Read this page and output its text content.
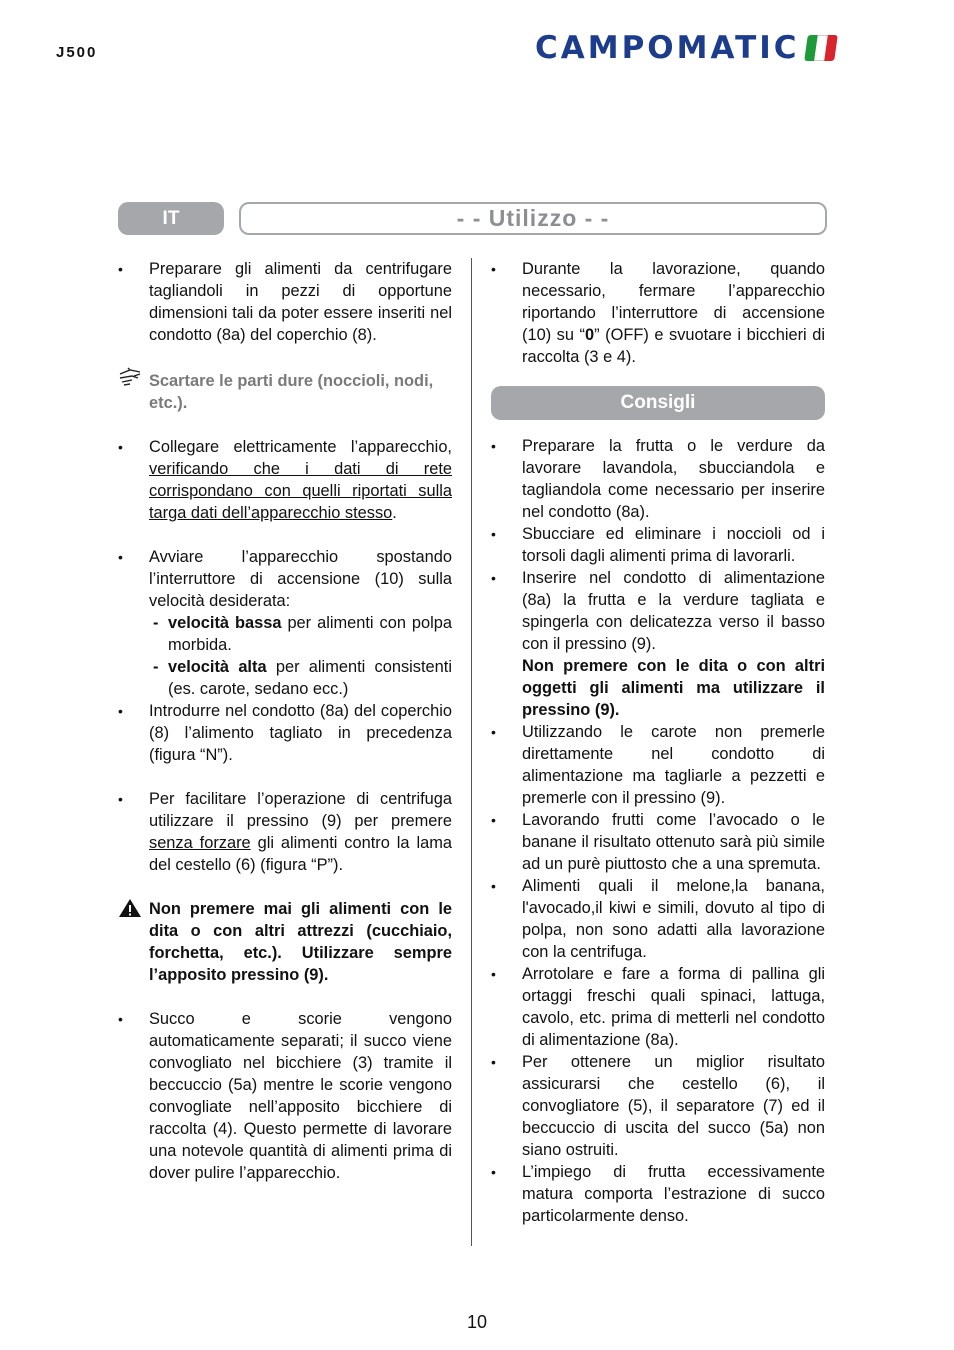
J500	CAMPOMATIC
IT	- - Utilizzo - -
•	Preparare gli alimenti da centrifugare tagliandoli in pezzi di opportune dimensioni tali da poter essere inseriti nel condotto (8a) del coperchio (8).
Scartare le parti dure (noccioli, nodi, etc.).
•	Collegare elettricamente l’apparecchio, verificando che i dati di rete corrispondano con quelli riportati sulla targa dati dell’apparecchio stesso.
•	Avviare l’apparecchio spostando l’interruttore di accensione (10) sulla velocità desiderata:
- velocità bassa per alimenti con polpa morbida.
- velocità alta per alimenti consistenti (es. carote, sedano ecc.)
•	Introdurre nel condotto (8a) del coperchio (8) l’alimento tagliato in precedenza (figura “N”).
•	Per facilitare l’operazione di centrifuga utilizzare il pressino (9) per premere senza forzare gli alimenti contro la lama del cestello (6) (figura “P”).
Non premere mai gli alimenti con le dita o con altri attrezzi (cucchiaio, forchetta, etc.). Utilizzare sempre l’apposito pressino (9).
•	Succo e scorie vengono automaticamente separati; il succo viene convogliato nel bicchiere (3) tramite il beccuccio (5a) mentre le scorie vengono convogliate nell’apposito bicchiere di raccolta (4). Questo permette di lavorare una notevole quantità di alimenti prima di dover pulire l’apparecchio.
•	Durante la lavorazione, quando necessario, fermare l’apparecchio riportando l’interruttore di accensione (10) su “0” (OFF) e svuotare i bicchieri di raccolta (3 e 4).
Consigli
•	Preparare la frutta o le verdure da lavorare lavandola, sbucciandola e tagliandola come necessario per inserire nel condotto (8a).
•	Sbucciare ed eliminare i noccioli od i torsoli dagli alimenti prima di lavorarli.
•	Inserire nel condotto di alimentazione (8a) la frutta e la verdure tagliata e spingerla con delicatezza verso il basso con il pressino (9).
Non premere con le dita o con altri oggetti gli alimenti ma utilizzare il pressino (9).
•	Utilizzando le carote non premerle direttamente nel condotto di alimentazione ma tagliarle a pezzetti e premerle con il pressino (9).
•	Lavorando frutti come l’avocado o le banane il risultato ottenuto sarà più simile ad un purè piuttosto che a una spremuta.
•	Alimenti quali il melone,la banana, l'avocado,il kiwi e simili, dovuto al tipo di polpa, non sono adatti alla lavorazione con la centrifuga.
•	Arrotolare e fare a forma di pallina gli ortaggi freschi quali spinaci, lattuga, cavolo, etc. prima di metterli nel condotto di alimentazione (8a).
•	Per ottenere un miglior risultato assicurarsi che cestello (6), il convogliatore (5), il separatore (7) ed il beccuccio di uscita del succo (5a) non siano ostruiti.
•	L’impiego di frutta eccessivamente matura comporta l’estrazione di succo particolarmente denso.
10
